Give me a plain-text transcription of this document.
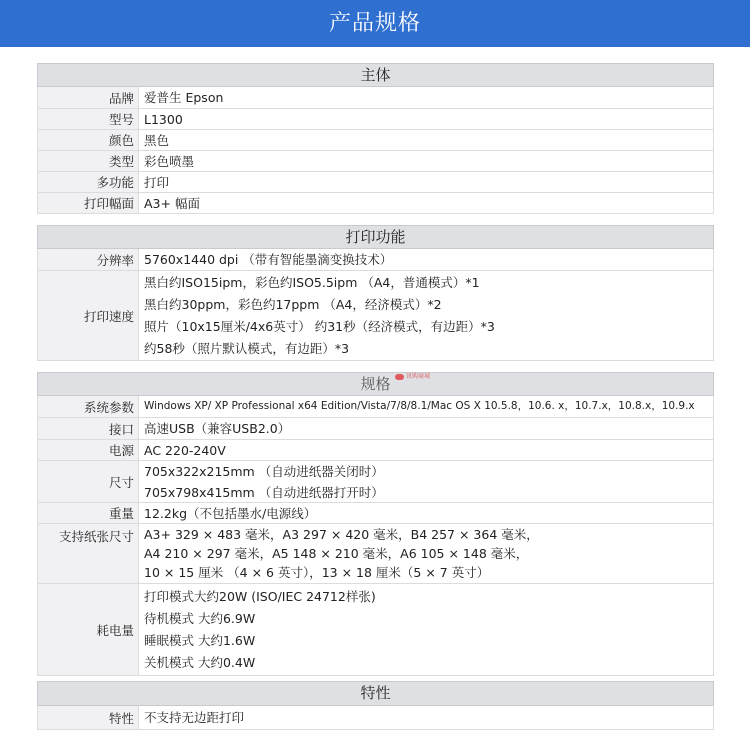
产品规格
主体
品牌 爱普生 Epson
型号 L1300
颜色 黑色
类型 彩色喷墨
多功能 打印
打印幅面 A3+ 幅面
打印功能
分辨率 5760x1440 dpi （带有智能墨滴变换技术）
打印速度
黑白约ISO15ipm，彩色约ISO5.5ipm （A4，普通模式）*1
黑白约30ppm，彩色约17ppm （A4，经济模式）*2
照片（10x15厘米/4x6英寸） 约31秒（经济模式，有边距）*3
约58秒（照片默认模式，有边距）*3
讯购商城
规格
系统参数 Windows XP/ XP Professional x64 Edition/Vista/7/8/8.1/Mac OS X 10.5.8，10.6. x，10.7.x，10.8.x，10.9.x
接口 高速USB（兼容USB2.0）
电源 AC 220-240V
尺寸
705x322x215mm （自动进纸器关闭时）
705x798x415mm （自动进纸器打开时）
重量 12.2kg（不包括墨水/电源线）
支持纸张尺寸 A3+ 329 × 483 毫米，A3 297 × 420 毫米，B4 257 × 364 毫米，
A4 210 × 297 毫米，A5 148 × 210 毫米，A6 105 × 148 毫米，
10 × 15 厘米 （4 × 6 英寸），13 × 18 厘米（5 × 7 英寸）
耗电量
打印模式大约20W (ISO/IEC 24712样张)
待机模式 大约6.9W
睡眠模式 大约1.6W
关机模式 大约0.4W
特性
特性 不支持无边距打印
